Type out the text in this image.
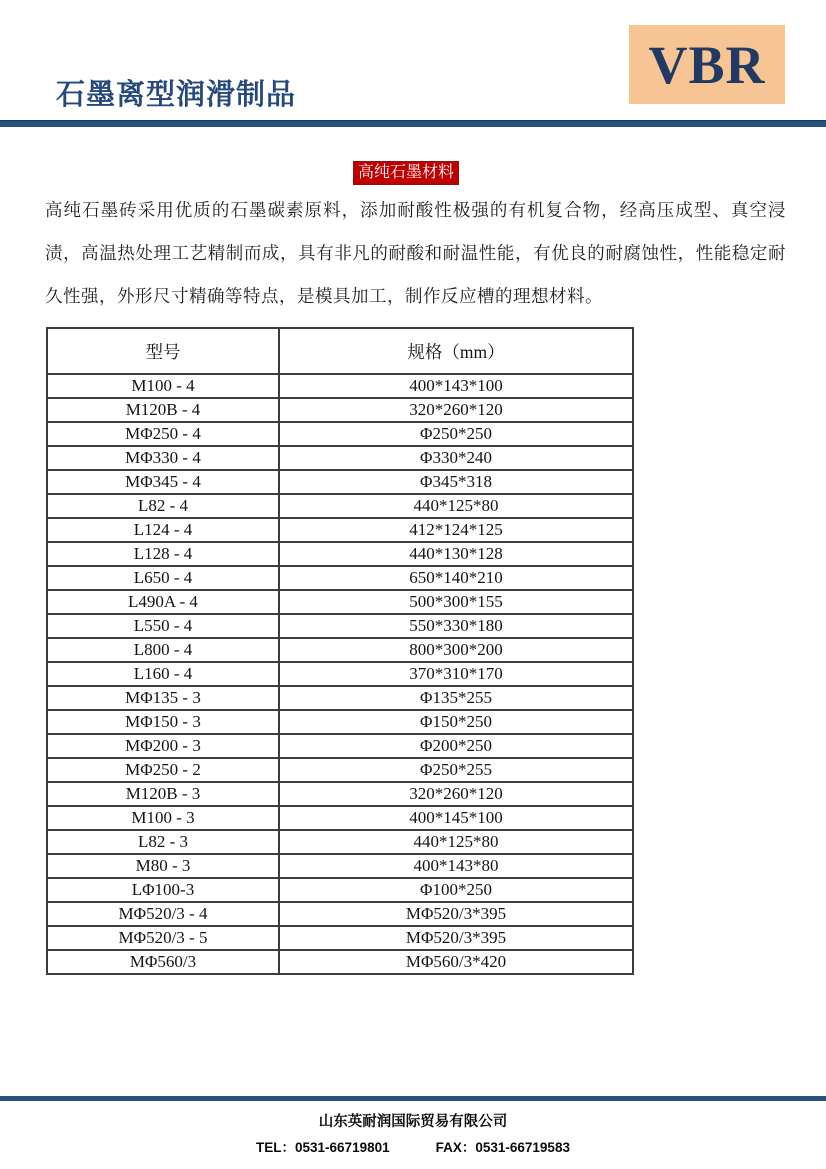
石墨离型润滑制品
VBR
高纯石墨材料
高纯石墨砖采用优质的石墨碳素原料，添加耐酸性极强的有机复合物，经高压成型、真空浸渍，高温热处理工艺精制而成，具有非凡的耐酸和耐温性能，有优良的耐腐蚀性，性能稳定耐久性强，外形尺寸精确等特点，是模具加工，制作反应槽的理想材料。
型号	规格（mm）
M100 - 4	400*143*100
M120B - 4	320*260*120
MΦ250 - 4	Φ250*250
MΦ330 - 4	Φ330*240
MΦ345 - 4	Φ345*318
L82 - 4	440*125*80
L124 - 4	412*124*125
L128 - 4	440*130*128
L650 - 4	650*140*210
L490A - 4	500*300*155
L550 - 4	550*330*180
L800 - 4	800*300*200
L160 - 4	370*310*170
MΦ135 - 3	Φ135*255
MΦ150 - 3	Φ150*250
MΦ200 - 3	Φ200*250
MΦ250 - 2	Φ250*255
M120B - 3	320*260*120
M100 - 3	400*145*100
L82 - 3	440*125*80
M80 - 3	400*143*80
LΦ100-3	Φ100*250
MΦ520/3 - 4	MΦ520/3*395
MΦ520/3 - 5	MΦ520/3*395
MΦ560/3	MΦ560/3*420
山东英耐润国际贸易有限公司
TEL：0531-66719801	FAX：0531-66719583
